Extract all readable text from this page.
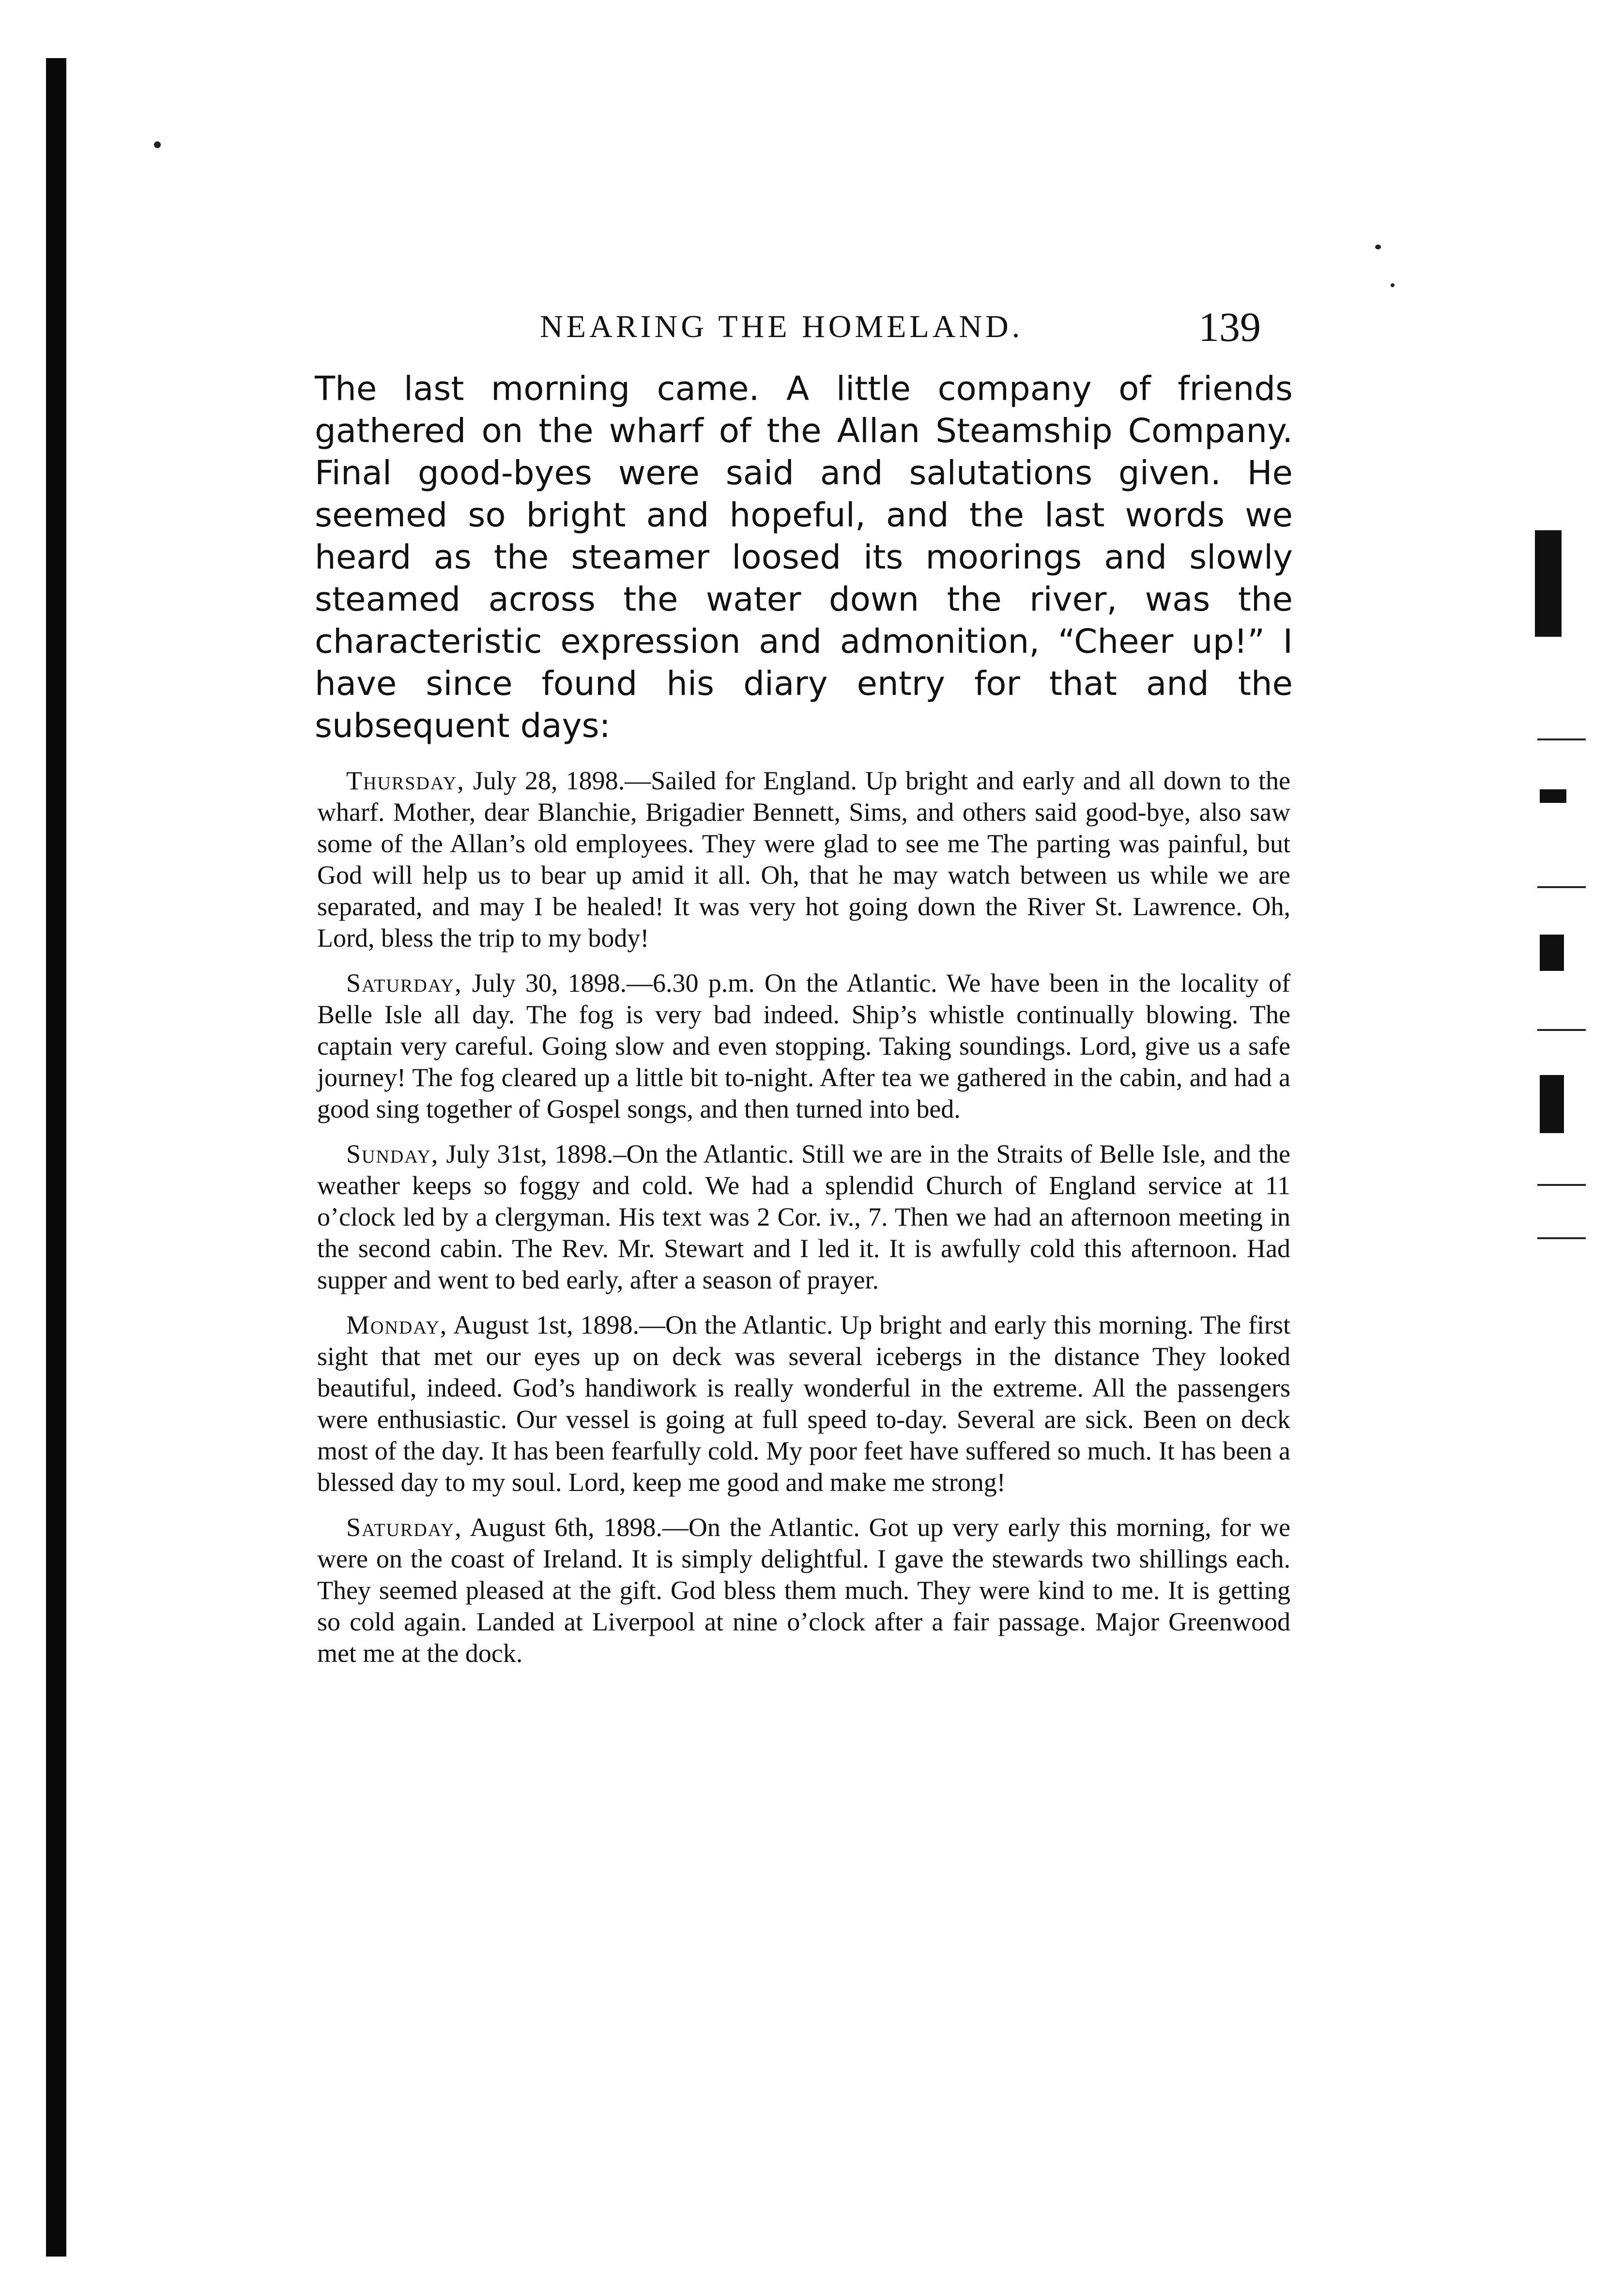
NEARING THE HOMELAND.	139

The last morning came. A little company of friends gathered on the wharf of the Allan Steamship Company. Final good-byes were said and salutations given. He seemed so bright and hopeful, and the last words we heard as the steamer loosed its moorings and slowly steamed across the water down the river, was the characteristic expression and admonition, “Cheer up!” I have since found his diary entry for that and the subsequent days:

Thursday, July 28, 1898.—Sailed for England. Up bright and early and all down to the wharf. Mother, dear Blanchie, Brigadier Bennett, Sims, and others said good-bye, also saw some of the Allan’s old employees. They were glad to see me The parting was painful, but God will help us to bear up amid it all. Oh, that he may watch between us while we are separated, and may I be healed! It was very hot going down the River St. Lawrence. Oh, Lord, bless the trip to my body!

Saturday, July 30, 1898.—6.30 p.m. On the Atlantic. We have been in the locality of Belle Isle all day. The fog is very bad indeed. Ship’s whistle continually blowing. The captain very careful. Going slow and even stopping. Taking soundings. Lord, give us a safe journey! The fog cleared up a little bit to-night. After tea we gathered in the cabin, and had a good sing together of Gospel songs, and then turned into bed.

Sunday, July 31st, 1898.–On the Atlantic. Still we are in the Straits of Belle Isle, and the weather keeps so foggy and cold. We had a splendid Church of England service at 11 o’clock led by a clergyman. His text was 2 Cor. iv., 7. Then we had an afternoon meeting in the second cabin. The Rev. Mr. Stewart and I led it. It is awfully cold this afternoon. Had supper and went to bed early, after a season of prayer.

Monday, August 1st, 1898.—On the Atlantic. Up bright and early this morning. The first sight that met our eyes up on deck was several icebergs in the distance They looked beautiful, indeed. God’s handiwork is really wonderful in the extreme. All the passengers were enthusiastic. Our vessel is going at full speed to-day. Several are sick. Been on deck most of the day. It has been fearfully cold. My poor feet have suffered so much. It has been a blessed day to my soul. Lord, keep me good and make me strong!

Saturday, August 6th, 1898.—On the Atlantic. Got up very early this morning, for we were on the coast of Ireland. It is simply delightful. I gave the stewards two shillings each. They seemed pleased at the gift. God bless them much. They were kind to me. It is getting so cold again. Landed at Liverpool at nine o’clock after a fair passage. Major Greenwood met me at the dock.
